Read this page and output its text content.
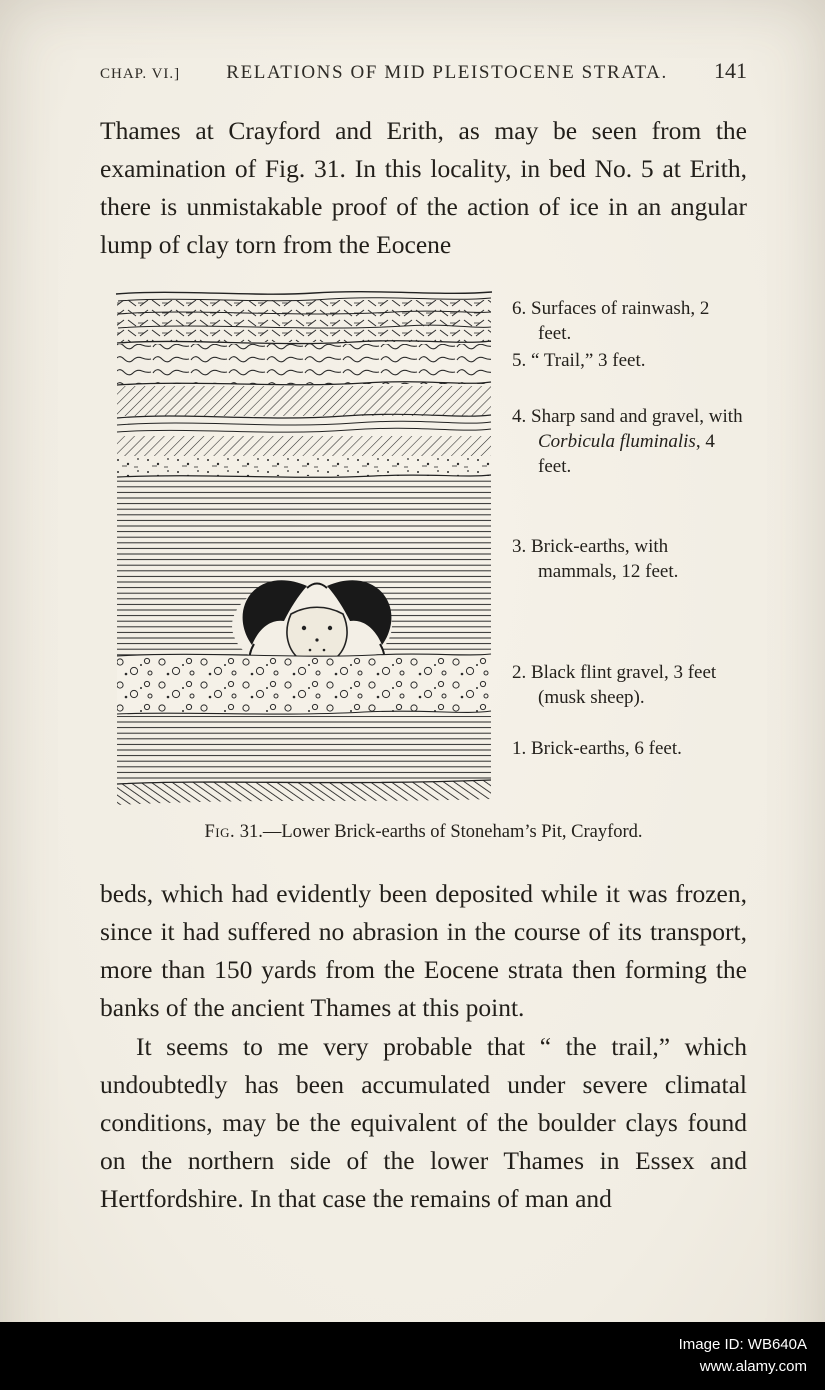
CHAP. VI.]	RELATIONS OF MID PLEISTOCENE STRATA.	141

Thames at Crayford and Erith, as may be seen from the examination of Fig. 31. In this locality, in bed No. 5 at Erith, there is unmistakable proof of the action of ice in an angular lump of clay torn from the Eocene

6. Surfaces of rainwash, 2 feet.
5. “ Trail,” 3 feet.
4. Sharp sand and gravel, with Corbicula fluminalis, 4 feet.
3. Brick-earths, with mammals, 12 feet.
2. Black flint gravel, 3 feet (musk sheep).
1. Brick-earths, 6 feet.
Fig. 31.—Lower Brick-earths of Stoneham’s Pit, Crayford.

beds, which had evidently been deposited while it was frozen, since it had suffered no abrasion in the course of its transport, more than 150 yards from the Eocene strata then forming the banks of the ancient Thames at this point.

It seems to me very probable that “ the trail,” which undoubtedly has been accumulated under severe climatal conditions, may be the equivalent of the boulder clays found on the northern side of the lower Thames in Essex and Hertfordshire. In that case the remains of man and

Image ID: WB640A
www.alamy.com
